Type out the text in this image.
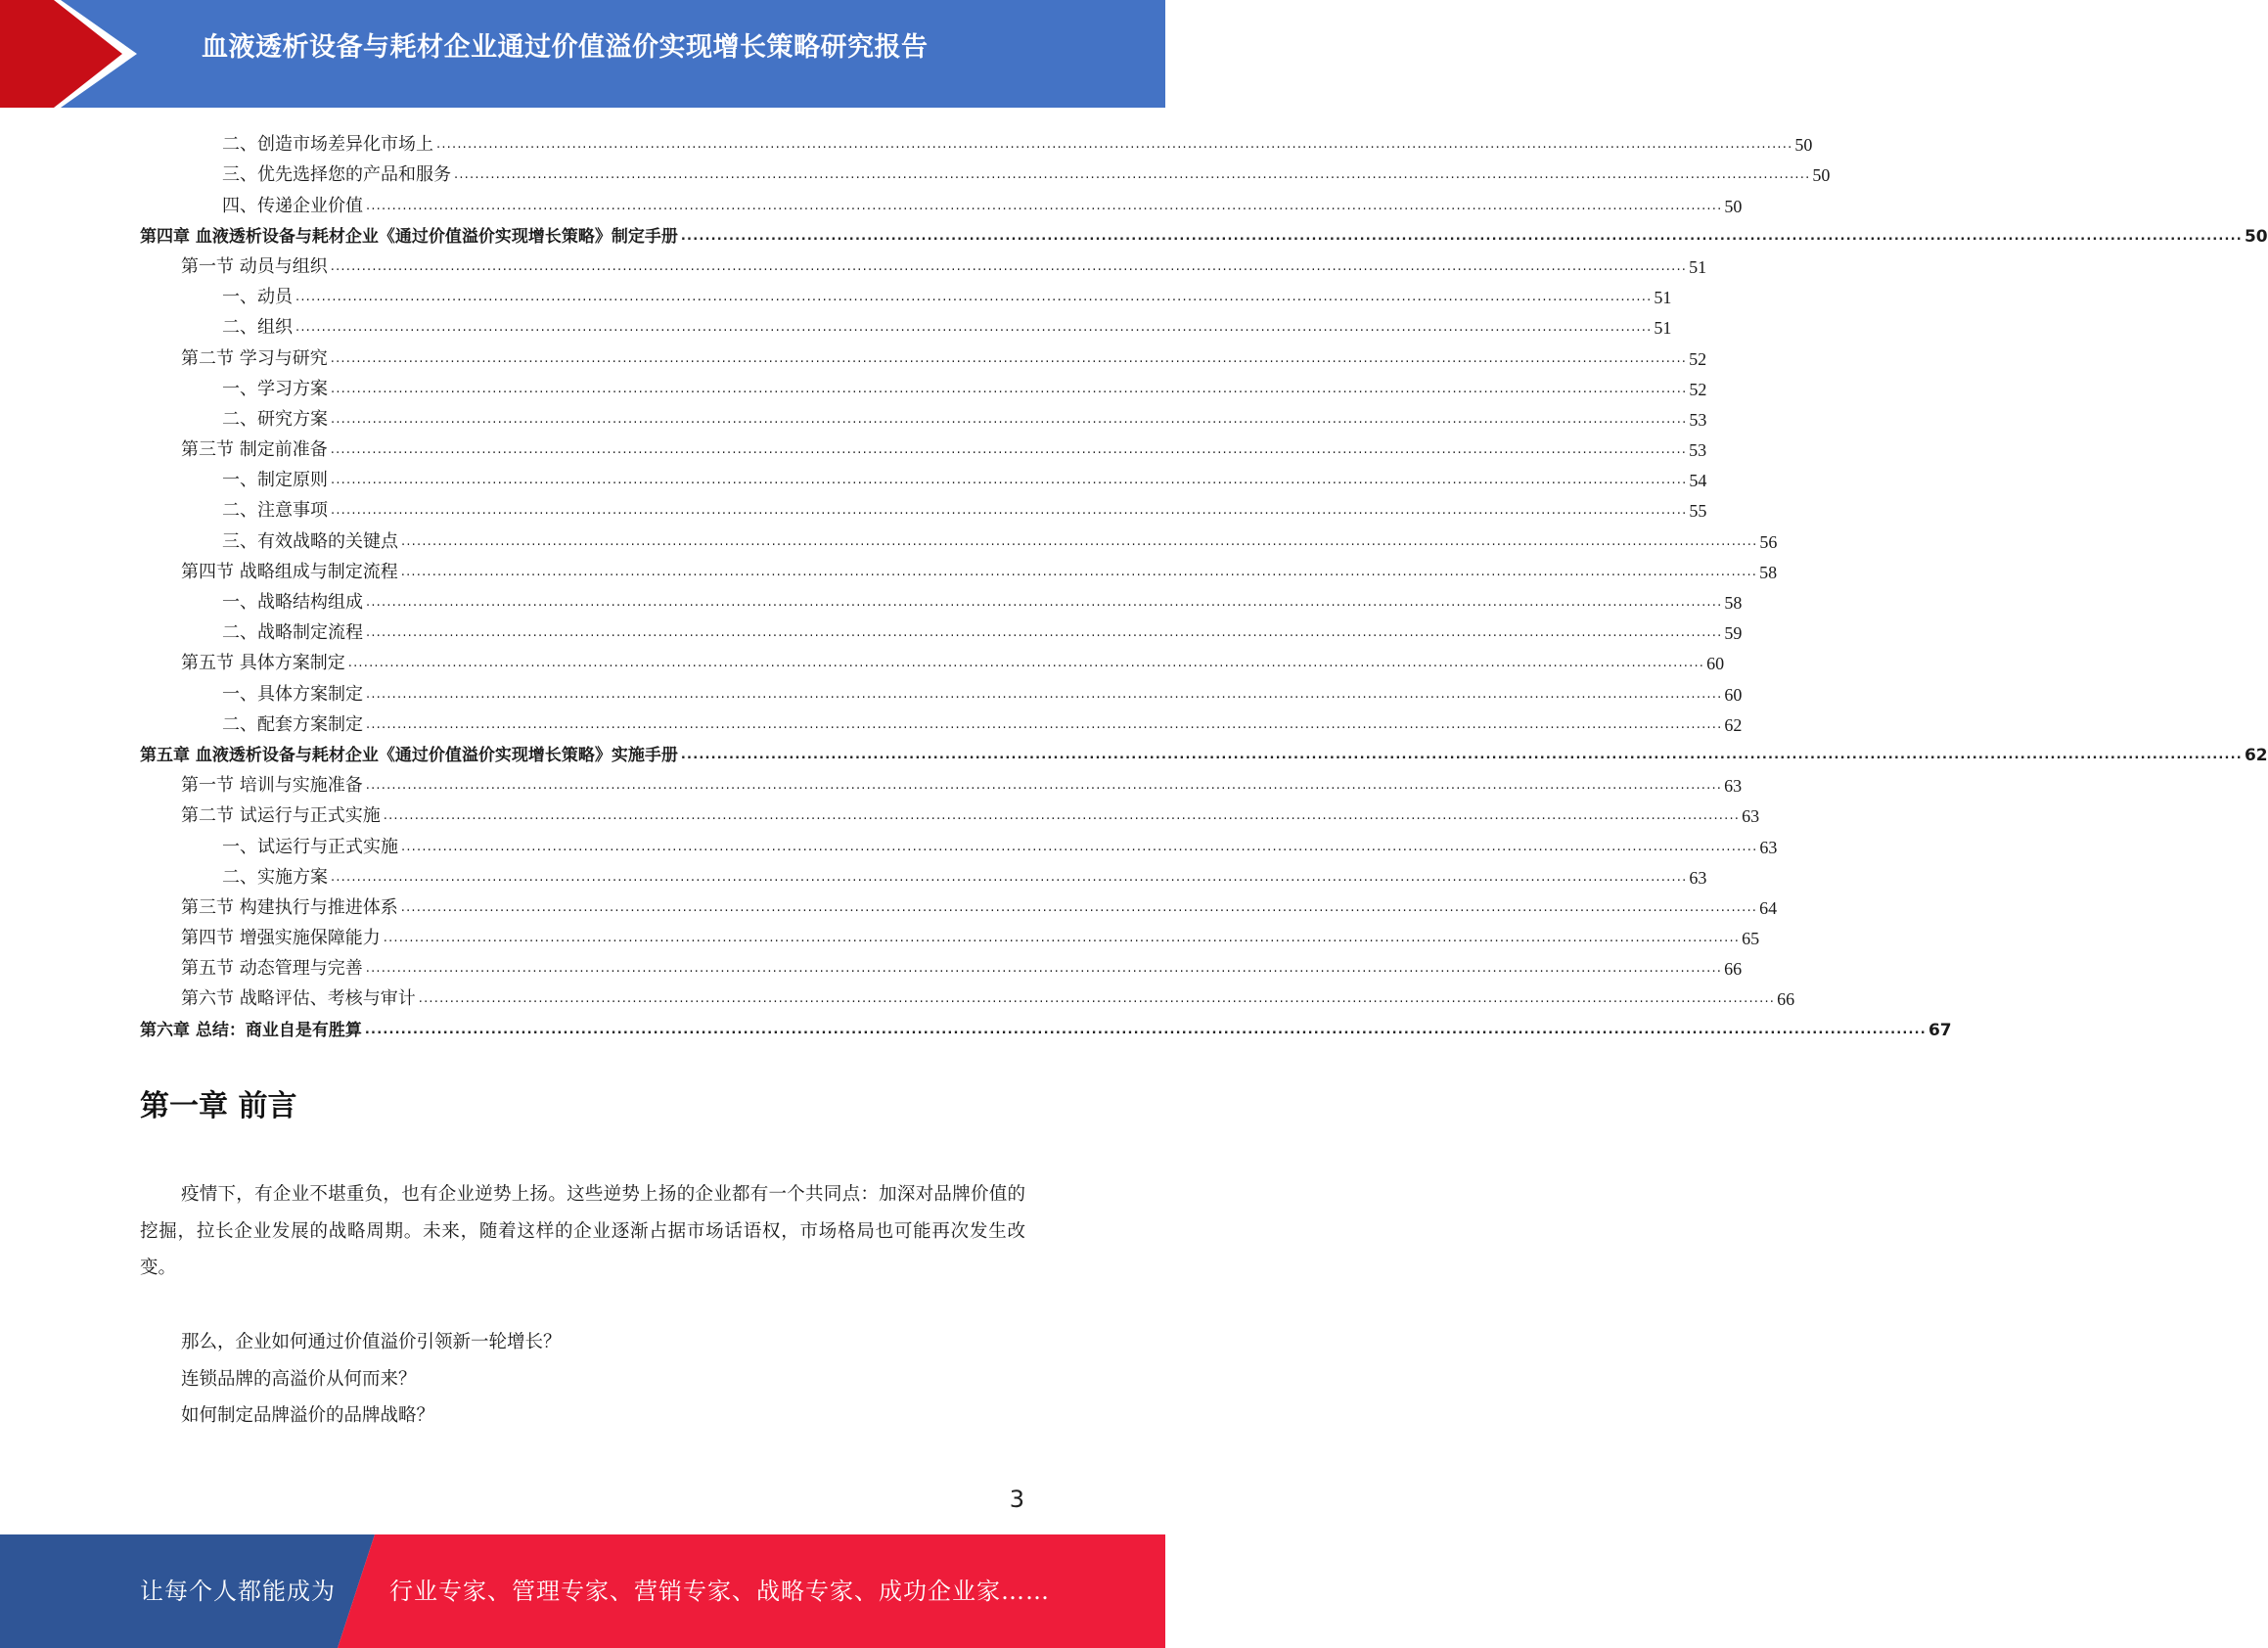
血液透析设备与耗材企业通过价值溢价实现增长策略研究报告
二、创造市场差异化市场上 .................................................................................................................................................................................................................................................................... 50
三、优先选择您的产品和服务 .................................................................................................................................................................................................................................................................... 50
四、传递企业价值 .................................................................................................................................................................................................................................................................... 50
第四章 血液透析设备与耗材企业《通过价值溢价实现增长策略》制定手册 .................................................................................................................................................................................................................................................................... 50
第一节 动员与组织 .................................................................................................................................................................................................................................................................... 51
一、动员 .................................................................................................................................................................................................................................................................... 51
二、组织 .................................................................................................................................................................................................................................................................... 51
第二节 学习与研究 .................................................................................................................................................................................................................................................................... 52
一、学习方案 .................................................................................................................................................................................................................................................................... 52
二、研究方案 .................................................................................................................................................................................................................................................................... 53
第三节 制定前准备 .................................................................................................................................................................................................................................................................... 53
一、制定原则 .................................................................................................................................................................................................................................................................... 54
二、注意事项 .................................................................................................................................................................................................................................................................... 55
三、有效战略的关键点 .................................................................................................................................................................................................................................................................... 56
第四节 战略组成与制定流程 .................................................................................................................................................................................................................................................................... 58
一、战略结构组成 .................................................................................................................................................................................................................................................................... 58
二、战略制定流程 .................................................................................................................................................................................................................................................................... 59
第五节 具体方案制定 .................................................................................................................................................................................................................................................................... 60
一、具体方案制定 .................................................................................................................................................................................................................................................................... 60
二、配套方案制定 .................................................................................................................................................................................................................................................................... 62
第五章 血液透析设备与耗材企业《通过价值溢价实现增长策略》实施手册 .................................................................................................................................................................................................................................................................... 62
第一节 培训与实施准备 .................................................................................................................................................................................................................................................................... 63
第二节 试运行与正式实施 .................................................................................................................................................................................................................................................................... 63
一、试运行与正式实施 .................................................................................................................................................................................................................................................................... 63
二、实施方案 .................................................................................................................................................................................................................................................................... 63
第三节 构建执行与推进体系 .................................................................................................................................................................................................................................................................... 64
第四节 增强实施保障能力 .................................................................................................................................................................................................................................................................... 65
第五节 动态管理与完善 .................................................................................................................................................................................................................................................................... 66
第六节 战略评估、考核与审计 .................................................................................................................................................................................................................................................................... 66
第六章 总结：商业自是有胜算 .................................................................................................................................................................................................................................................................... 67
第一章 前言

疫情下，有企业不堪重负，也有企业逆势上扬。这些逆势上扬的企业都有一个共同点：加深对品牌价值的挖掘，拉长企业发展的战略周期。未来，随着这样的企业逐渐占据市场话语权，市场格局也可能再次发生改变。

那么，企业如何通过价值溢价引领新一轮增长？
连锁品牌的高溢价从何而来？
如何制定品牌溢价的品牌战略？
3
让每个人都能成为 行业专家、管理专家、营销专家、战略专家、成功企业家……
